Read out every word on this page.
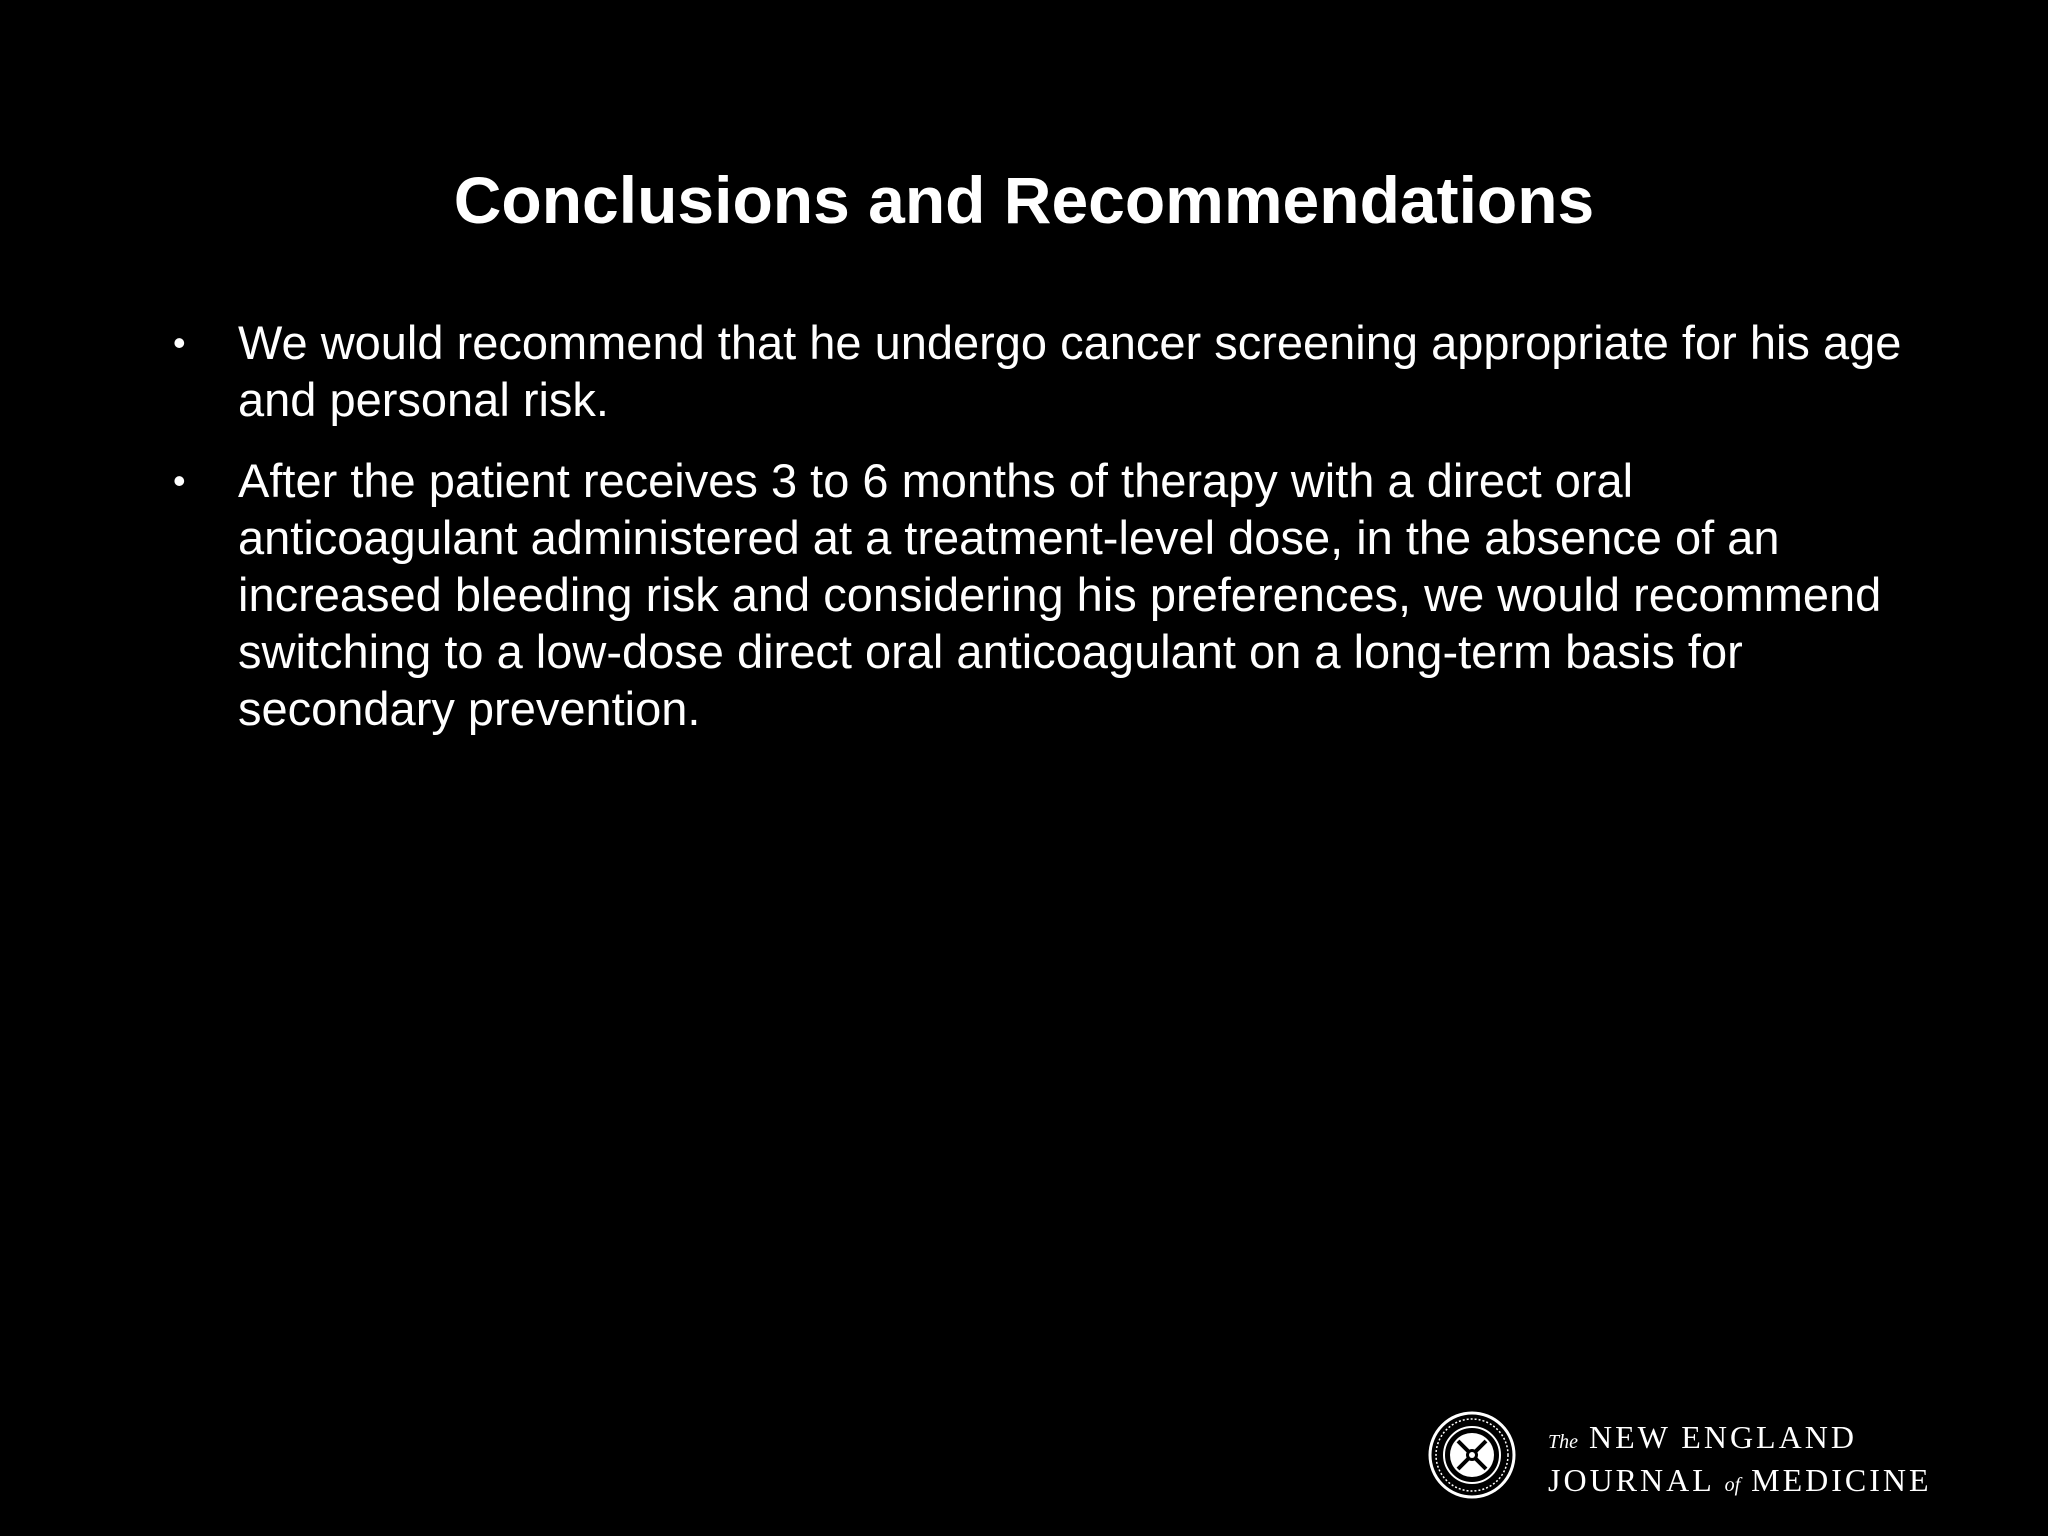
Conclusions and Recommendations
• We would recommend that he undergo cancer screening appropriate for his age and personal risk.
• After the patient receives 3 to 6 months of therapy with a direct oral anticoagulant administered at a treatment-level dose, in the absence of an increased bleeding risk and considering his preferences, we would recommend switching to a low-dose direct oral anticoagulant on a long-term basis for secondary prevention.
The NEW ENGLAND
JOURNAL of MEDICINE
